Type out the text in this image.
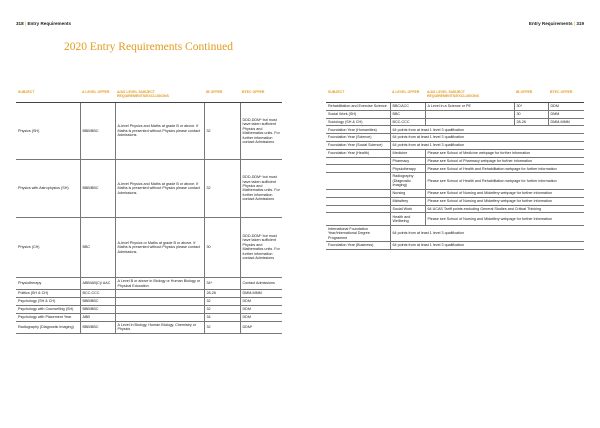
318 | Entry Requirements	Entry Requirements | 319
2020 Entry Requirements Continued
SUBJECT	A LEVEL OFFER	A/AS LEVEL SUBJECT REQUIREMENTS/EXCLUSIONS	IB OFFER	BTEC OFFER
Physics (SH)	BBB/BBC	A-level Physics and Maths at grade B or above. If Maths is presented without Physics please contact Admissions.	32	DDD-DDM* but must have taken sufficient Physics and Mathematics units. For further information contact Admissions
Physics with Astrophysics (SH)	BBB/BBC	A-level Physics and Maths at grade B or above. If Maths is presented without Physics please contact Admissions.	32	DDD-DDM* but must have taken sufficient Physics and Mathematics units. For further information contact Admissions
Physics (CH)	BBC	A-level Physics or Maths at grade B or above. If Maths is presented without Physics please contact Admissions.	30	DDD-DDM* but must have taken sufficient Physics and Mathematics units. For further information contact Admissions
Physiotherapy	ABB/AB(C)/ AAC	A Level B or above in Biology or Human Biology or Physical Education	34*	Contact Admissions
Politics (SH & CH)	BCC-CCC		28-26	DMM-MMM
Psychology (SH & CH)	BBB/BBC		32	DDM
Psychology with Counselling (SH)	BBB/BBC		32	DDM
Psychology with Placement Year	ABB		34	DDM
Radiography (Diagnostic Imaging)	BBB/BBC	A Level in Biology, Human Biology, Chemistry or Physics	32	DDM*
SUBJECT	A LEVEL OFFER	A/AS LEVEL SUBJECT REQUIREMENTS/EXCLUSIONS	IB OFFER	BTEC OFFER
Rehabilitation and Exercise Science	BBC/ACC	A Level in a Science or PE	30*	DDM
Social Work (SH)	BBC		30	DMM
Sociology (SH & CH)	BCC-CCC		28-26	DMM-MMM
Foundation Year (Humanities)	64 points from at least 1 level 3 qualification			
Foundation Year (Science)	64 points from at least 1 level 3 qualification			
Foundation Year (Social Science)	64 points from at least 1 level 3 qualification			
Foundation Year (Health)	Medicine	Please see School of Medicine webpage for further information		
	Pharmacy	Please see School of Pharmacy webpage for further information		
	Physiotherapy	Please see School of Health and Rehabilitation webpage for further information		
	Radiography (Diagnostic Imaging)	Please see School of Health and Rehabilitation webpage for further information		
	Nursing	Please see School of Nursing and Midwifery webpage for further information		
	Midwifery	Please see School of Nursing and Midwifery webpage for further information		
	Social Work	64 UCAS Tariff points excluding General Studies and Critical Thinking		
	Health and Wellbeing	Please see School of Nursing and Midwifery webpage for further information		
International Foundation Year/International Degree Programme	64 points from at least 1 level 3 qualification			
Foundation Year (Business)	64 points from at least 1 level 3 qualification			
